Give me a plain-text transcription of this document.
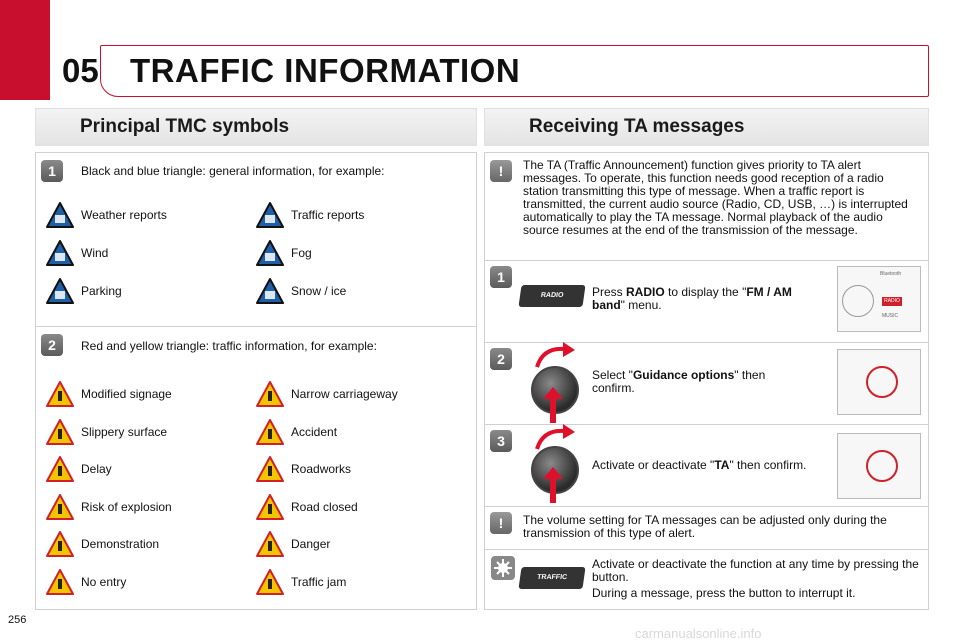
05 TRAFFIC INFORMATION
Principal TMC symbols
1	Black and blue triangle: general information, for example:
Weather reports	Traffic reports
Wind	Fog
Parking	Snow / ice
2	Red and yellow triangle: traffic information, for example:
Modified signage	Narrow carriageway
Slippery surface	Accident
Delay	Roadworks
Risk of explosion	Road closed
Demonstration	Danger
No entry	Traffic jam
Receiving TA messages
!	The TA (Traffic Announcement) function gives priority to TA alert messages. To operate, this function needs good reception of a radio station transmitting this type of message. When a traffic report is transmitted, the current audio source (Radio, CD, USB, …) is interrupted automatically to play the TA message. Normal playback of the audio source resumes at the end of the transmission of the message.
1
RADIO	Press RADIO to display the "FM / AM band" menu.
Bluetooth
RADIO
MUSIC
2
Select "Guidance options" then confirm.
3
Activate or deactivate "TA" then confirm.
!	The volume setting for TA messages can be adjusted only during the transmission of this type of alert.
TRAFFIC
Activate or deactivate the function at any time by pressing the button.
During a message, press the button to interrupt it.
256
carmanualsonline.info
